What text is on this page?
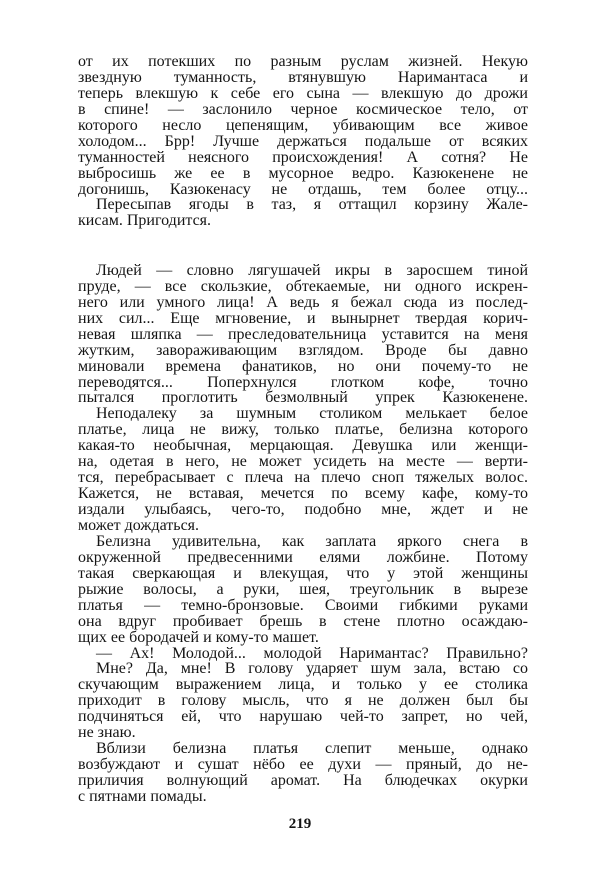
от их потекших по разным руслам жизней. Некую
звездную туманность, втянувшую Наримантаса и
теперь влекшую к себе его сына — влекшую до дрожи
в спине! — заслонило черное космическое тело, от
которого несло цепенящим, убивающим все живое
холодом... Брр! Лучше держаться подальше от всяких
туманностей неясного происхождения! А сотня? Не
выбросишь же ее в мусорное ведро. Казюкенене не
догонишь, Казюкенасу не отдашь, тем более отцу...
Пересыпав ягоды в таз, я оттащил корзину Жале-
кисам. Пригодится.
Людей — словно лягушачей икры в заросшем тиной
пруде, — все скользкие, обтекаемые, ни одного искрен-
него или умного лица! А ведь я бежал сюда из послед-
них сил... Еще мгновение, и вынырнет твердая корич-
невая шляпка — преследовательница уставится на меня
жутким, завораживающим взглядом. Вроде бы давно
миновали времена фанатиков, но они почему-то не
переводятся... Поперхнулся глотком кофе, точно
пытался проглотить безмолвный упрек Казюкенене.
Неподалеку за шумным столиком мелькает белое
платье, лица не вижу, только платье, белизна которого
какая-то необычная, мерцающая. Девушка или женщи-
на, одетая в него, не может усидеть на месте — верти-
тся, перебрасывает с плеча на плечо сноп тяжелых волос.
Кажется, не вставая, мечется по всему кафе, кому-то
издали улыбаясь, чего-то, подобно мне, ждет и не
может дождаться.
Белизна удивительна, как заплата яркого снега в
окруженной предвесенними елями ложбине. Потому
такая сверкающая и влекущая, что у этой женщины
рыжие волосы, а руки, шея, треугольник в вырезе
платья — темно-бронзовые. Своими гибкими руками
она вдруг пробивает брешь в стене плотно осаждаю-
щих ее бородачей и кому-то машет.
— Ах! Молодой... молодой Наримантас? Правильно?
Мне? Да, мне! В голову ударяет шум зала, встаю со
скучающим выражением лица, и только у ее столика
приходит в голову мысль, что я не должен был бы
подчиняться ей, что нарушаю чей-то запрет, но чей,
не знаю.
Вблизи белизна платья слепит меньше, однако
возбуждают и сушат нёбо ее духи — пряный, до не-
приличия волнующий аромат. На блюдечках окурки
с пятнами помады.
219
